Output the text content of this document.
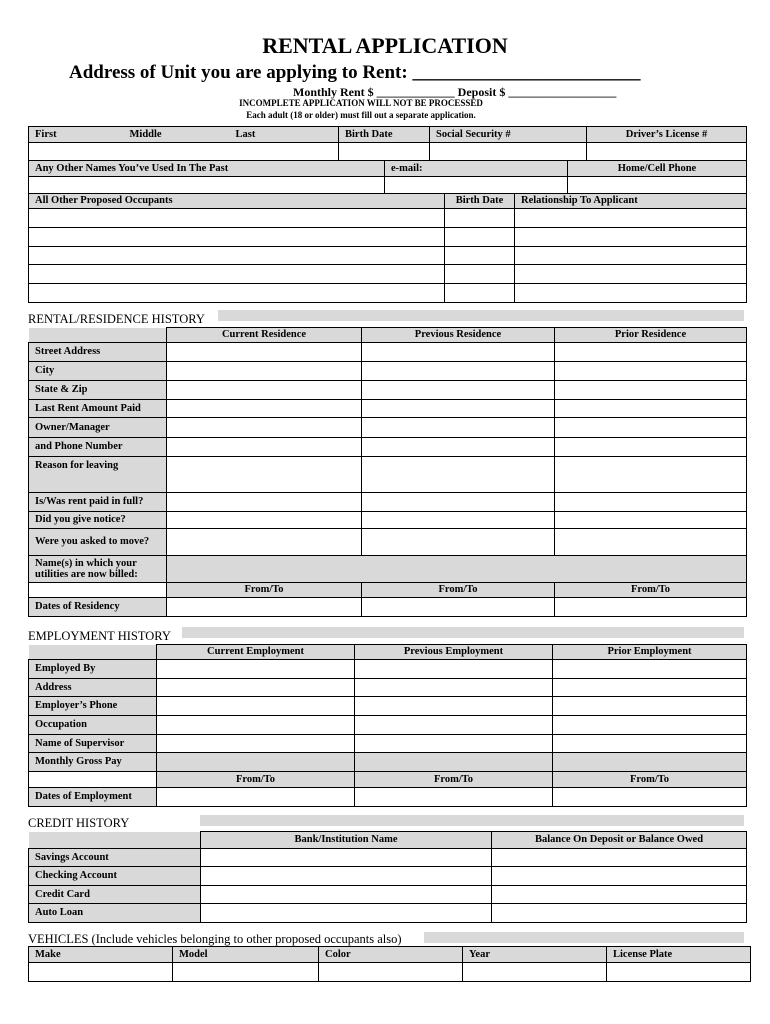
RENTAL APPLICATION
Address of Unit you are applying to Rent: ________________________
Monthly Rent $ _____________ Deposit $ __________________
INCOMPLETE APPLICATION WILL NOT BE PROCESSED
Each adult (18 or older) must fill out a separate application.
First Middle Last	Birth Date	Social Security #	Driver’s License #

Any Other Names You’ve Used In The Past	e-mail:	Home/Cell Phone

All Other Proposed Occupants	Birth Date	Relationship To Applicant

RENTAL/RESIDENCE HISTORY
	Current Residence	Previous Residence	Prior Residence
Street Address			
City			
State & Zip			
Last Rent Amount Paid			
Owner/Manager			
and Phone Number			
Reason for leaving			
Is/Was rent paid in full?			
Did you give notice?			
Were you asked to move?			
Name(s) in which your utilities are now billed:			
	From/To	From/To	From/To
Dates of Residency			
EMPLOYMENT HISTORY
	Current Employment	Previous Employment	Prior Employment
Employed By			
Address			
Employer’s Phone			
Occupation			
Name of Supervisor			
Monthly Gross Pay			
	From/To	From/To	From/To
Dates of Employment			
CREDIT HISTORY
	Bank/Institution Name	Balance On Deposit or Balance Owed
Savings Account		
Checking Account		
Credit Card		
Auto Loan		
VEHICLES (Include vehicles belonging to other proposed occupants also)
Make	Model	Color	Year	License Plate
